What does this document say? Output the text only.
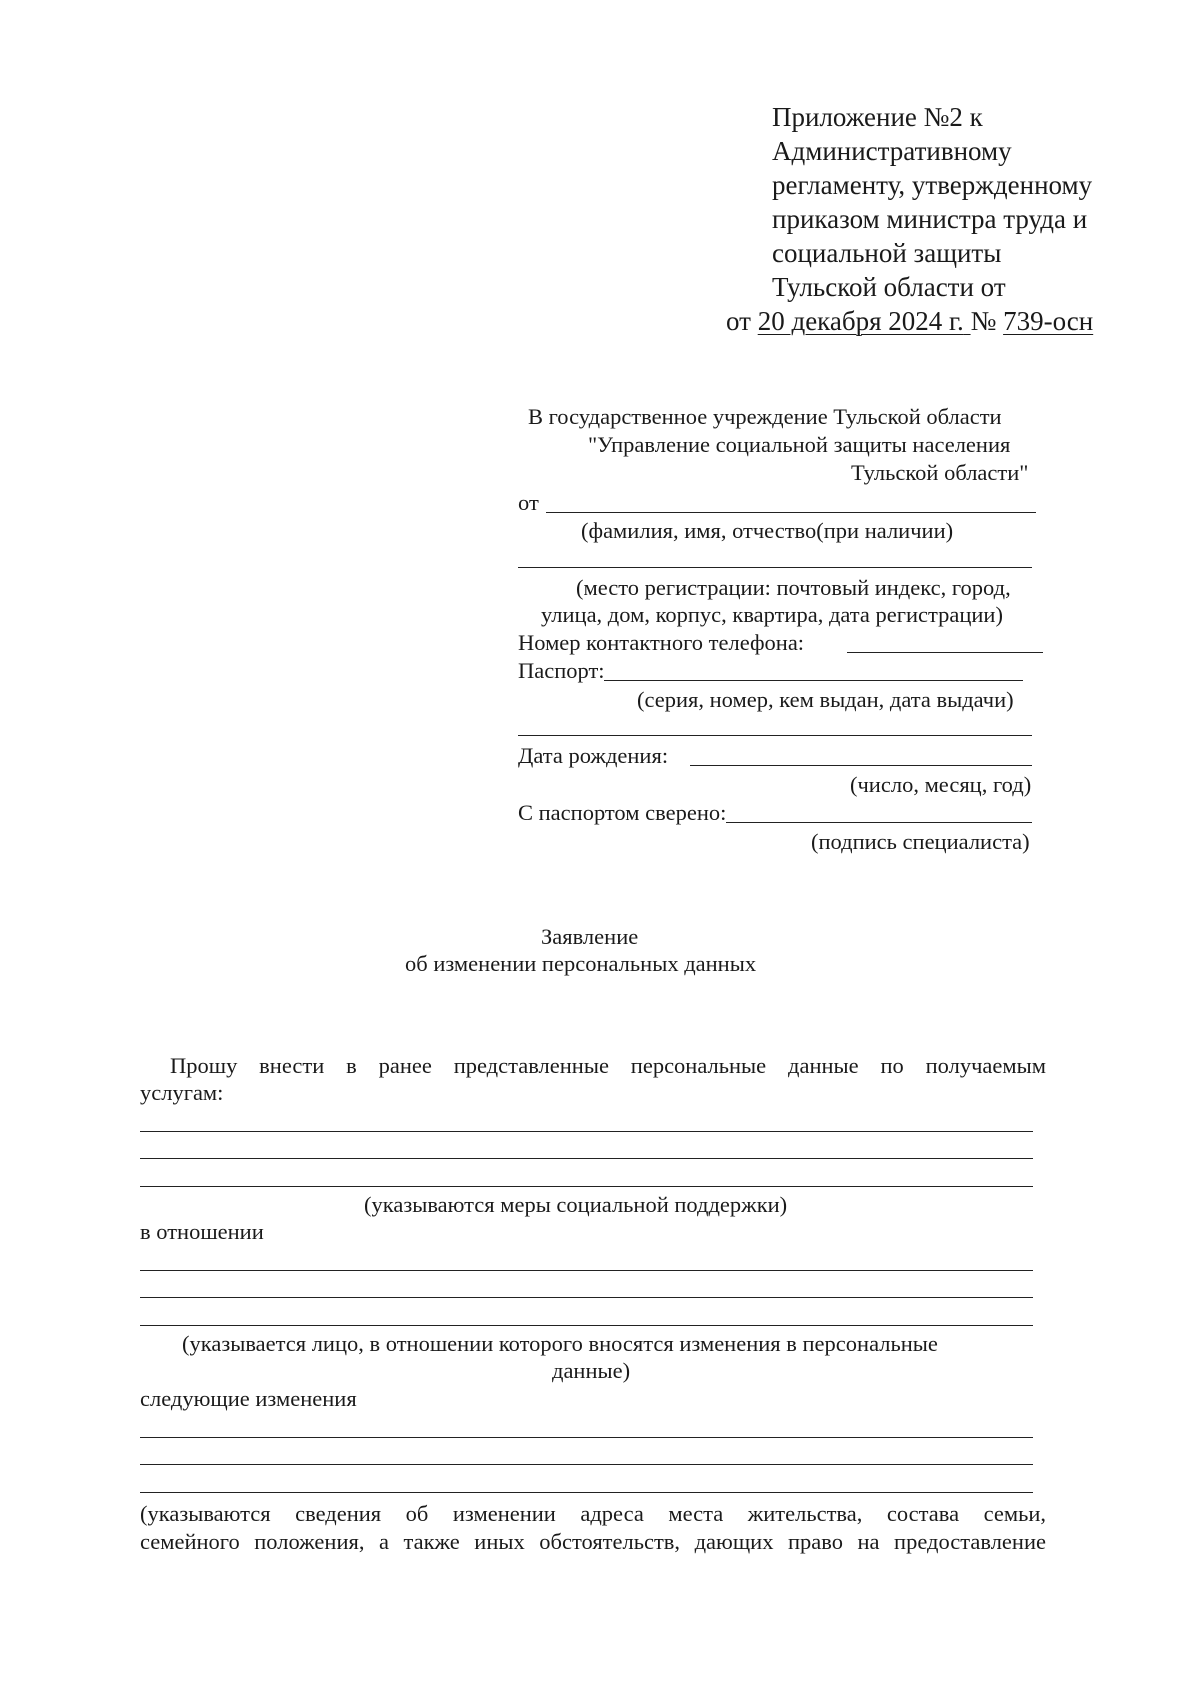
Приложение №2 к
Административному
регламенту, утвержденному
приказом министра труда и
социальной защиты
Тульской области от
от 20 декабря 2024 г. № 739-осн
В государственное учреждение Тульской области
"Управление социальной защиты населения
Тульской области"
от
(фамилия, имя, отчество(при наличии)
(место регистрации: почтовый индекс, город,
улица, дом, корпус, квартира, дата регистрации)
Номер контактного телефона:
Паспорт:
(серия, номер, кем выдан, дата выдачи)
Дата рождения:
(число, месяц, год)
С паспортом сверено:
(подпись специалиста)
Заявление
об изменении персональных данных
Прошу внести в ранее представленные персональные данные по получаемым
услугам:
(указываются меры социальной поддержки)
в отношении
(указывается лицо, в отношении которого вносятся изменения в персональные
данные)
следующие изменения
(указываются сведения об изменении адреса места жительства, состава семьи,
семейного положения, а также иных обстоятельств, дающих право на предоставление
